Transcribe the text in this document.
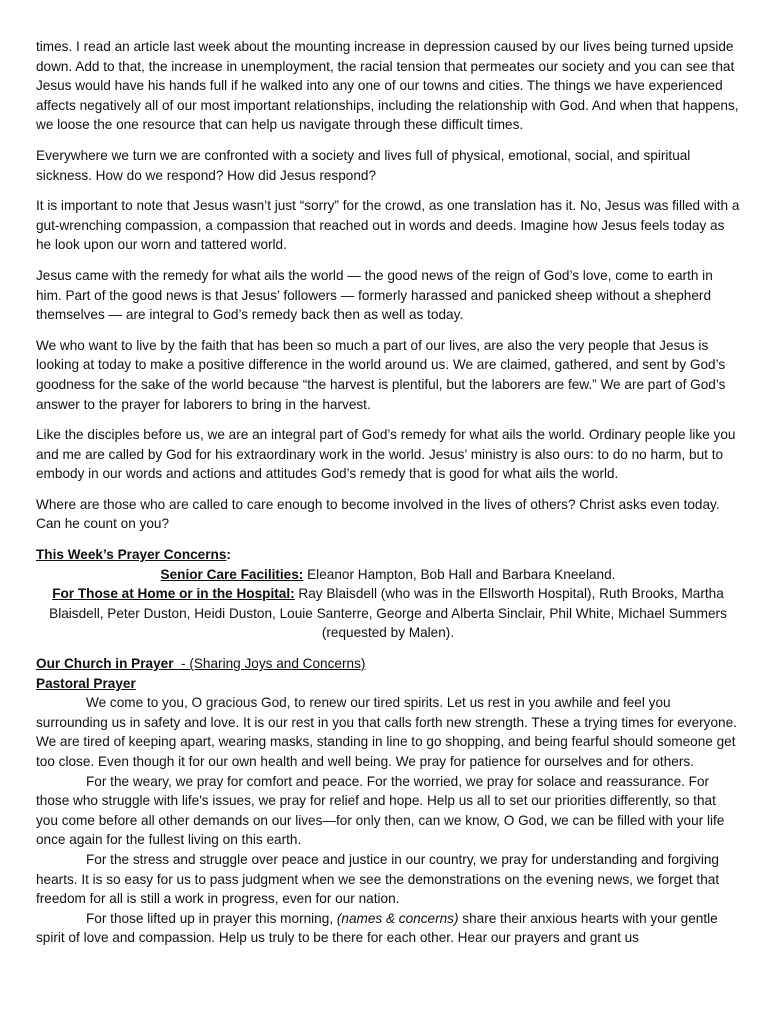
times. I read an article last week about the mounting increase in depression caused by our lives being turned upside down. Add to that, the increase in unemployment, the racial tension that permeates our society and you can see that Jesus would have his hands full if he walked into any one of our towns and cities. The things we have experienced affects negatively all of our most important relationships, including the relationship with God. And when that happens, we loose the one resource that can help us navigate through these difficult times.

Everywhere we turn we are confronted with a society and lives full of physical, emotional, social, and spiritual sickness. How do we respond? How did Jesus respond?

It is important to note that Jesus wasn’t just “sorry” for the crowd, as one translation has it. No, Jesus was filled with a gut-wrenching compassion, a compassion that reached out in words and deeds. Imagine how Jesus feels today as he look upon our worn and tattered world.

Jesus came with the remedy for what ails the world — the good news of the reign of God’s love, come to earth in him. Part of the good news is that Jesus’ followers — formerly harassed and panicked sheep without a shepherd themselves — are integral to God’s remedy back then as well as today.

We who want to live by the faith that has been so much a part of our lives, are also the very people that Jesus is looking at today to make a positive difference in the world around us. We are claimed, gathered, and sent by God’s goodness for the sake of the world because “the harvest is plentiful, but the laborers are few.” We are part of God’s answer to the prayer for laborers to bring in the harvest.

Like the disciples before us, we are an integral part of God’s remedy for what ails the world. Ordinary people like you and me are called by God for his extraordinary work in the world. Jesus’ ministry is also ours: to do no harm, but to embody in our words and actions and attitudes God’s remedy that is good for what ails the world.

Where are those who are called to care enough to become involved in the lives of others? Christ asks even today. Can he count on you?

This Week’s Prayer Concerns:
Senior Care Facilities: Eleanor Hampton, Bob Hall and Barbara Kneeland.
For Those at Home or in the Hospital: Ray Blaisdell (who was in the Ellsworth Hospital), Ruth Brooks, Martha Blaisdell, Peter Duston, Heidi Duston, Louie Santerre, George and Alberta Sinclair, Phil White, Michael Summers (requested by Malen).
Our Church in Prayer  - (Sharing Joys and Concerns)
Pastoral Prayer

We come to you, O gracious God, to renew our tired spirits. Let us rest in you awhile and feel you surrounding us in safety and love. It is our rest in you that calls forth new strength. These a trying times for everyone. We are tired of keeping apart, wearing masks, standing in line to go shopping, and being fearful should someone get too close. Even though it for our own health and well being. We pray for patience for ourselves and for others.

For the weary, we pray for comfort and peace. For the worried, we pray for solace and reassurance. For those who struggle with life's issues, we pray for relief and hope. Help us all to set our priorities differently, so that you come before all other demands on our lives—for only then, can we know, O God, we can be filled with your life once again for the fullest living on this earth.

For the stress and struggle over peace and justice in our country, we pray for understanding and forgiving hearts. It is so easy for us to pass judgment when we see the demonstrations on the evening news, we forget that freedom for all is still a work in progress, even for our nation.

For those lifted up in prayer this morning, (names & concerns) share their anxious hearts with your gentle spirit of love and compassion. Help us truly to be there for each other. Hear our prayers and grant us
